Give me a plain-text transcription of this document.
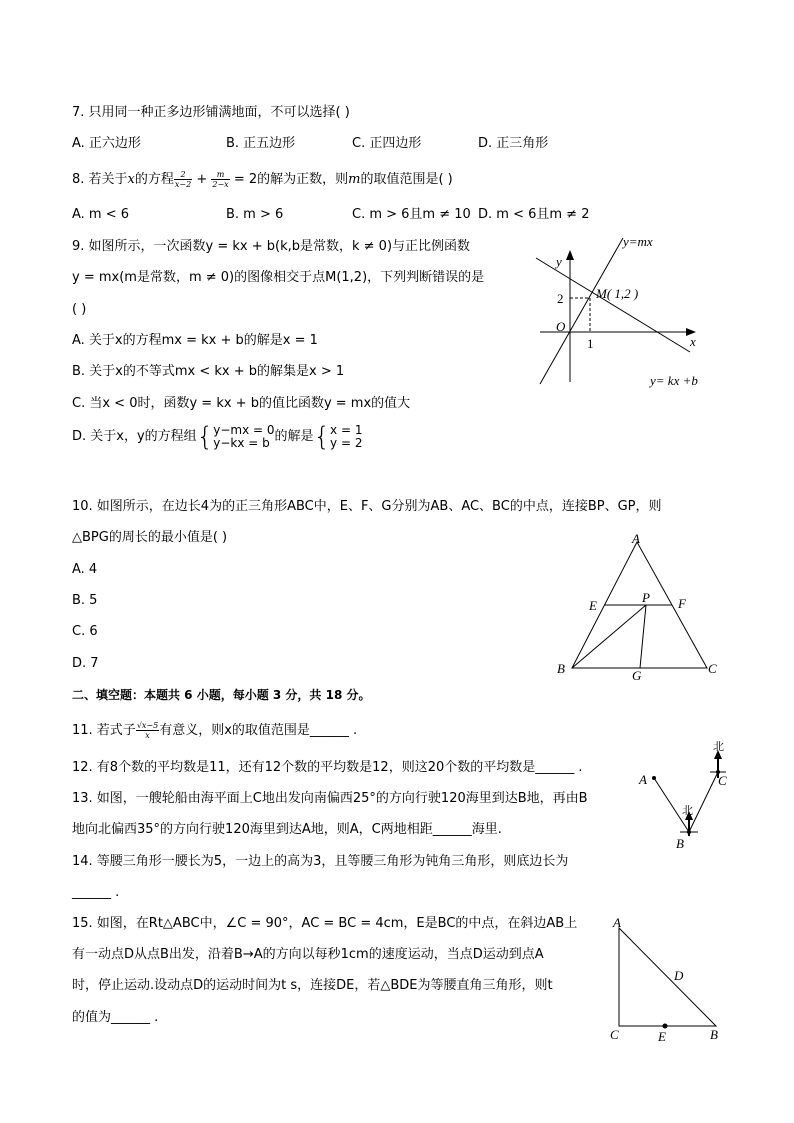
7. 只用同一种正多边形铺满地面，不可以选择( )
A. 正六边形	B. 正五边形	C. 正四边形	D. 正三角形
8. 若关于x的方程 $\frac{2}{x-2} + \frac{m}{2-x} = 2$的解为正数，则m的取值范围是( )
A. m < 6	B. m > 6	C. m > 6且m ≠ 10 D. m < 6且m ≠ 2
9. 如图所示，一次函数y = kx + b(k,b是常数，k ≠ 0)与正比例函数
y = mx(m是常数，m ≠ 0)的图像相交于点M(1,2)，下列判断错误的是
( )
A. 关于x的方程mx = kx + b的解是x = 1
B. 关于x的不等式mx < kx + b的解集是x > 1
C. 当x < 0时，函数y = kx + b的值比函数y = mx的值大
D. 关于x，y的方程组{ y−mx = 0
y−kx = b 的解是{ x = 1
y = 2
y=mx
y
x
O
2
1
M( 1,2 )
y= kx +b
10. 如图所示，在边长4为的正三角形ABC中，E、F、G分别为AB、AC、BC的中点，连接BP、GP，则
△BPG的周长的最小值是( )
A. 4
B. 5
C. 6
D. 7
A
B	C
E	F
P
G
二、填空题：本题共 6 小题，每小题 3 分，共 18 分。
11. 若式子 $\frac{√x-5}{x}$ 有意义，则x的取值范围是______ .
12. 有8个数的平均数是11，还有12个数的平均数是12，则这20个数的平均数是______ .
13. 如图，一艘轮船由海平面上C地出发向南偏西25°的方向行驶120海里到达B地，再由B
地向北偏西35°的方向行驶120海里到达A地，则A，C两地相距______海里.
北
北
A
B
C
14. 等腰三角形一腰长为5，一边上的高为3，且等腰三角形为钝角三角形，则底边长为
______ .
15. 如图，在Rt△ABC中，∠C = 90°，AC = BC = 4cm，E是BC的中点，在斜边AB上
有一动点D从点B出发，沿着B→A的方向以每秒1cm的速度运动，当点D运动到点A
时，停止运动.设动点D的运动时间为t s，连接DE，若△BDE为等腰直角三角形，则t
的值为______ .
A
C	B
D
E
